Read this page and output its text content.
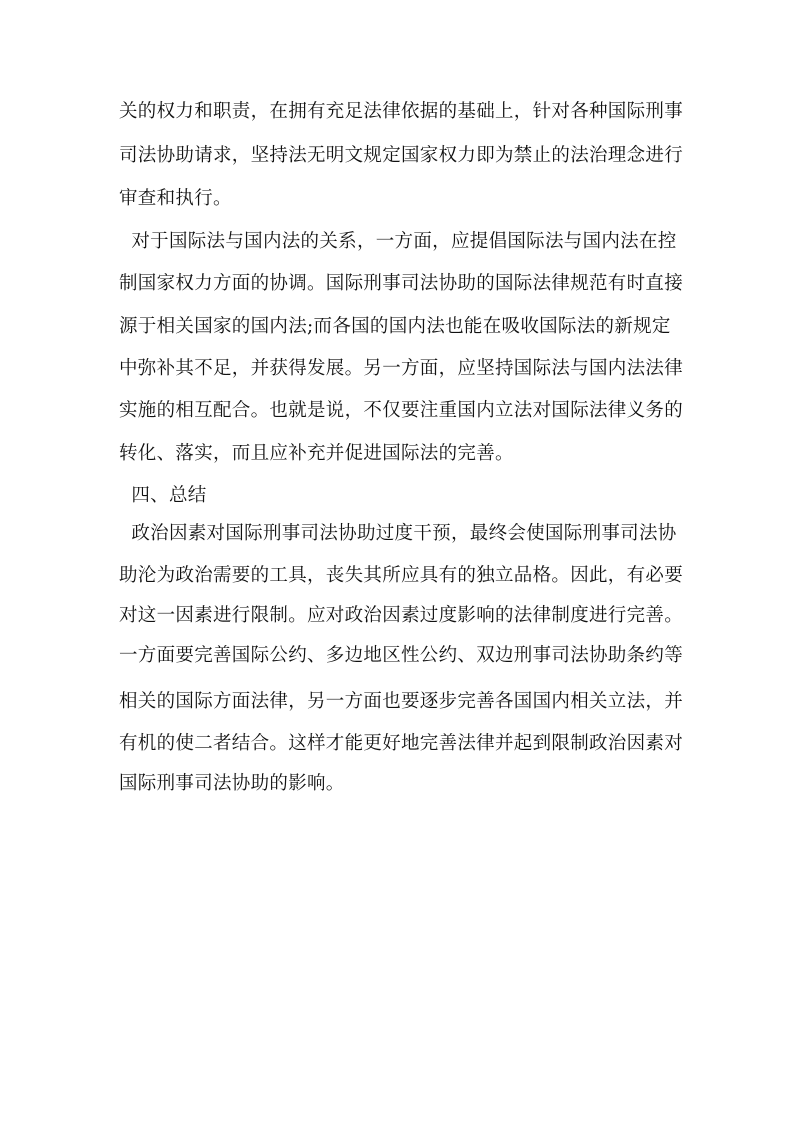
关的权力和职责，在拥有充足法律依据的基础上，针对各种国际刑事
司法协助请求，坚持法无明文规定国家权力即为禁止的法治理念进行
审查和执行。
对于国际法与国内法的关系，一方面，应提倡国际法与国内法在控
制国家权力方面的协调。国际刑事司法协助的国际法律规范有时直接
源于相关国家的国内法;而各国的国内法也能在吸收国际法的新规定
中弥补其不足，并获得发展。另一方面，应坚持国际法与国内法法律
实施的相互配合。也就是说，不仅要注重国内立法对国际法律义务的
转化、落实，而且应补充并促进国际法的完善。
四、总结
政治因素对国际刑事司法协助过度干预，最终会使国际刑事司法协
助沦为政治需要的工具，丧失其所应具有的独立品格。因此，有必要
对这一因素进行限制。应对政治因素过度影响的法律制度进行完善。
一方面要完善国际公约、多边地区性公约、双边刑事司法协助条约等
相关的国际方面法律，另一方面也要逐步完善各国国内相关立法，并
有机的使二者结合。这样才能更好地完善法律并起到限制政治因素对
国际刑事司法协助的影响。
